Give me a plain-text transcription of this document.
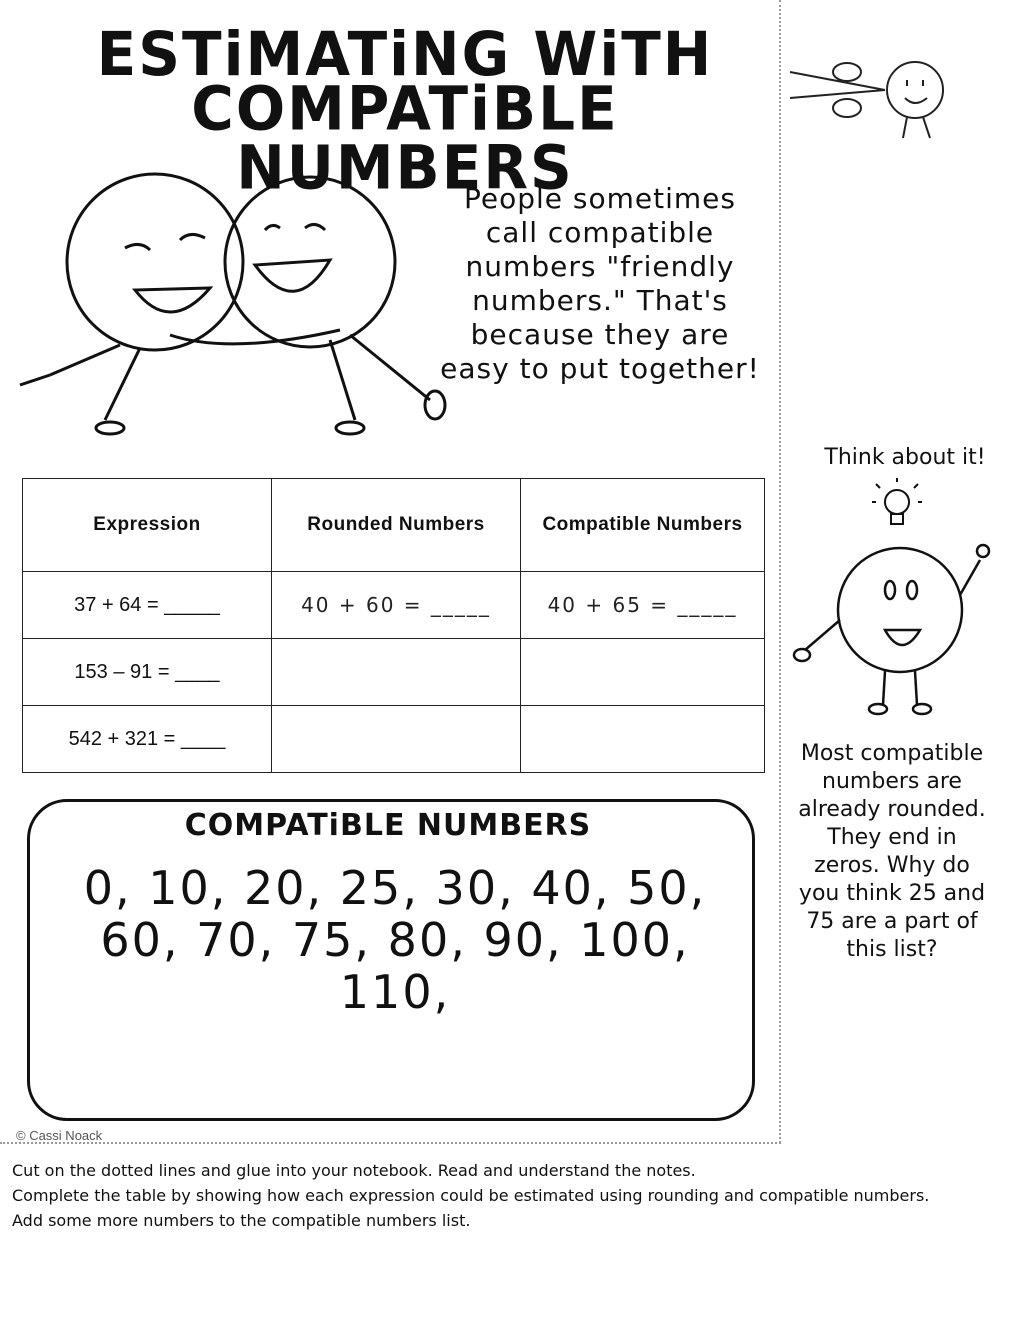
ESTiMATiNG WiTH
COMPATiBLE NUMBERS
People sometimes call compatible numbers "friendly numbers." That's because they are easy to put together!
Think about it!
Most compatible numbers are already rounded. They end in zeros. Why do you think 25 and 75 are a part of this list?
Expression	Rounded Numbers	Compatible Numbers
37 + 64 = _____	40 + 60 = _____	40 + 65 = _____
153 – 91 = ____		
542 + 321 = ____		
COMPATiBLE NUMBERS
0, 10, 20, 25, 30, 40, 50,
60, 70, 75, 80, 90, 100, 110,
© Cassi Noack
Cut on the dotted lines and glue into your notebook. Read and understand the notes.
Complete the table by showing how each expression could be estimated using rounding and compatible numbers.
Add some more numbers to the compatible numbers list.
